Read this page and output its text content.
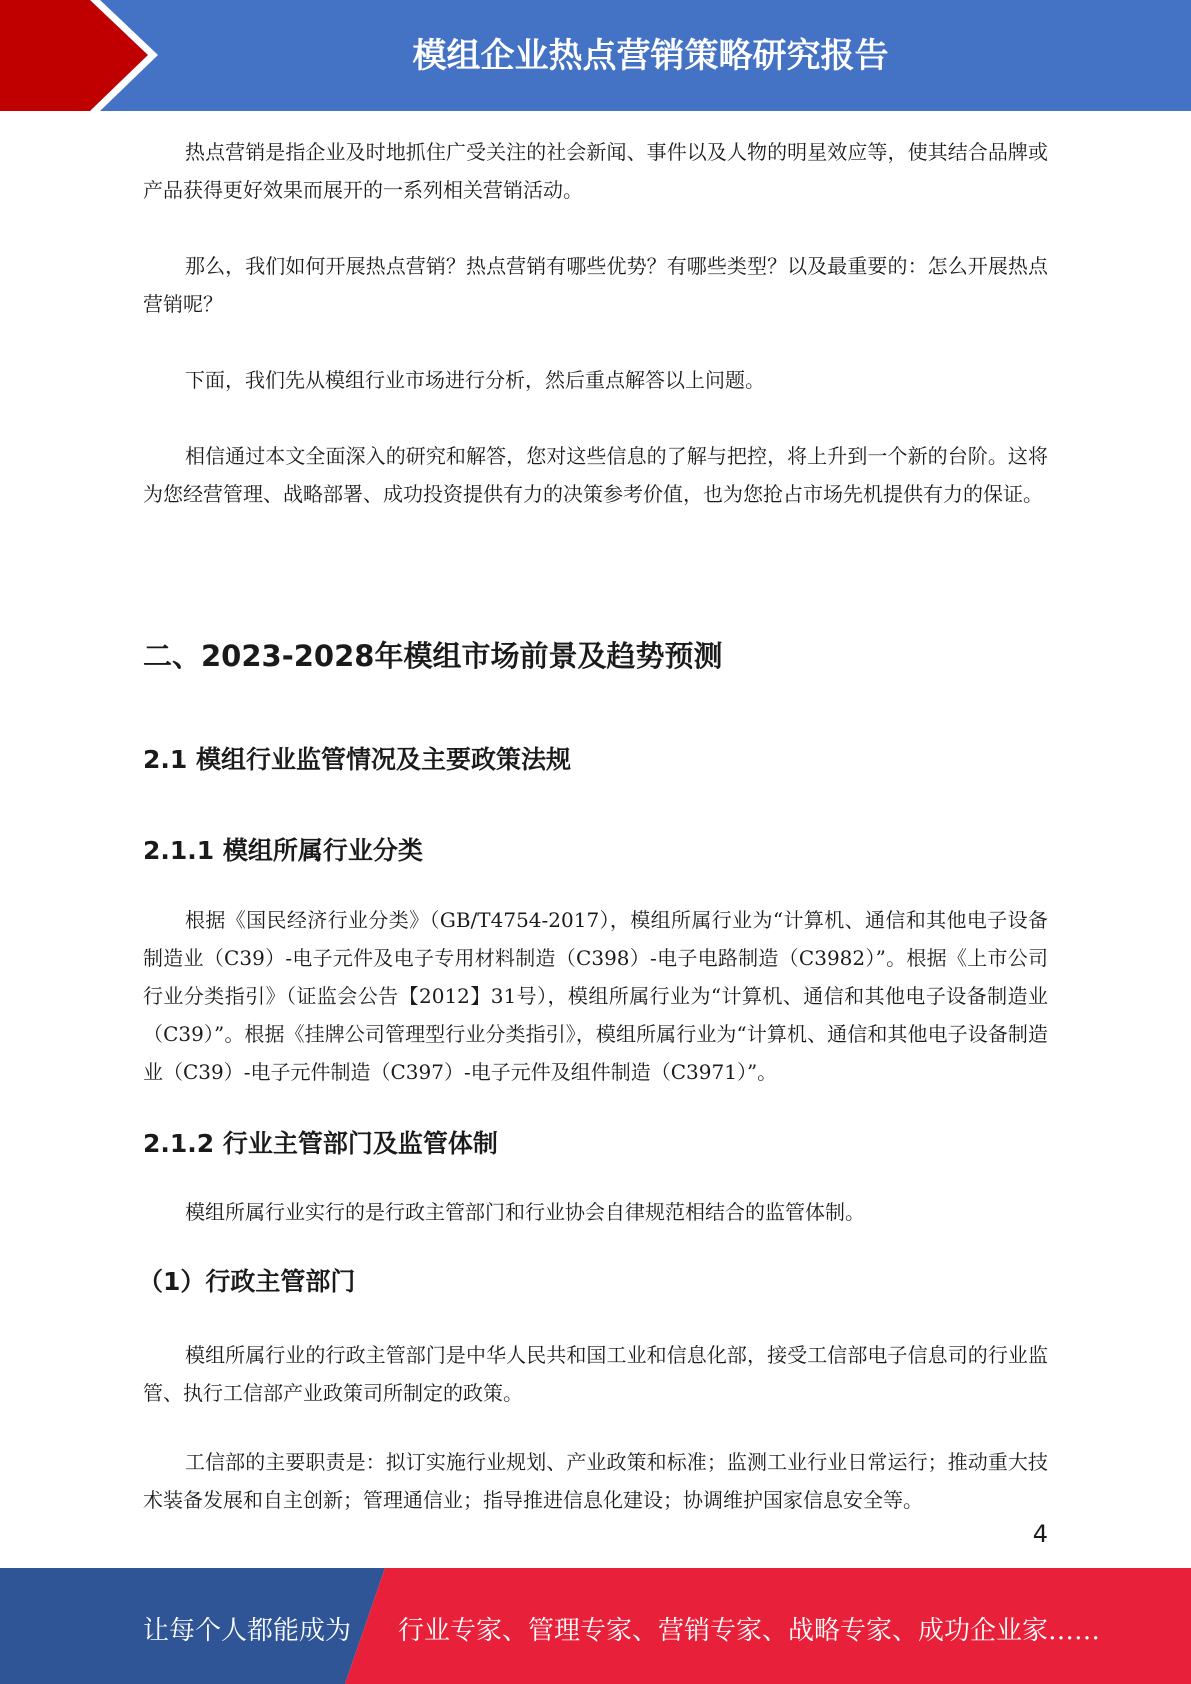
模组企业热点营销策略研究报告

热点营销是指企业及时地抓住广受关注的社会新闻、事件以及人物的明星效应等，使其结合品牌或产品获得更好效果而展开的一系列相关营销活动。

那么，我们如何开展热点营销？热点营销有哪些优势？有哪些类型？以及最重要的：怎么开展热点营销呢？

下面，我们先从模组行业市场进行分析，然后重点解答以上问题。

相信通过本文全面深入的研究和解答，您对这些信息的了解与把控，将上升到一个新的台阶。这将为您经营管理、战略部署、成功投资提供有力的决策参考价值，也为您抢占市场先机提供有力的保证。

二、2023-2028年模组市场前景及趋势预测
2.1 模组行业监管情况及主要政策法规
2.1.1 模组所属行业分类

根据《国民经济行业分类》（GB/T4754-2017），模组所属行业为“计算机、通信和其他电子设备制造业（C39）-电子元件及电子专用材料制造（C398）-电子电路制造（C3982）”。根据《上市公司行业分类指引》（证监会公告【2012】31号），模组所属行业为“计算机、通信和其他电子设备制造业（C39）”。根据《挂牌公司管理型行业分类指引》，模组所属行业为“计算机、通信和其他电子设备制造业（C39）-电子元件制造（C397）-电子元件及组件制造（C3971）”。

2.1.2 行业主管部门及监管体制

模组所属行业实行的是行政主管部门和行业协会自律规范相结合的监管体制。

（1）行政主管部门

模组所属行业的行政主管部门是中华人民共和国工业和信息化部，接受工信部电子信息司的行业监管、执行工信部产业政策司所制定的政策。

工信部的主要职责是：拟订实施行业规划、产业政策和标准；监测工业行业日常运行；推动重大技术装备发展和自主创新；管理通信业；指导推进信息化建设；协调维护国家信息安全等。

4
让每个人都能成为 行业专家、管理专家、营销专家、战略专家、成功企业家……
